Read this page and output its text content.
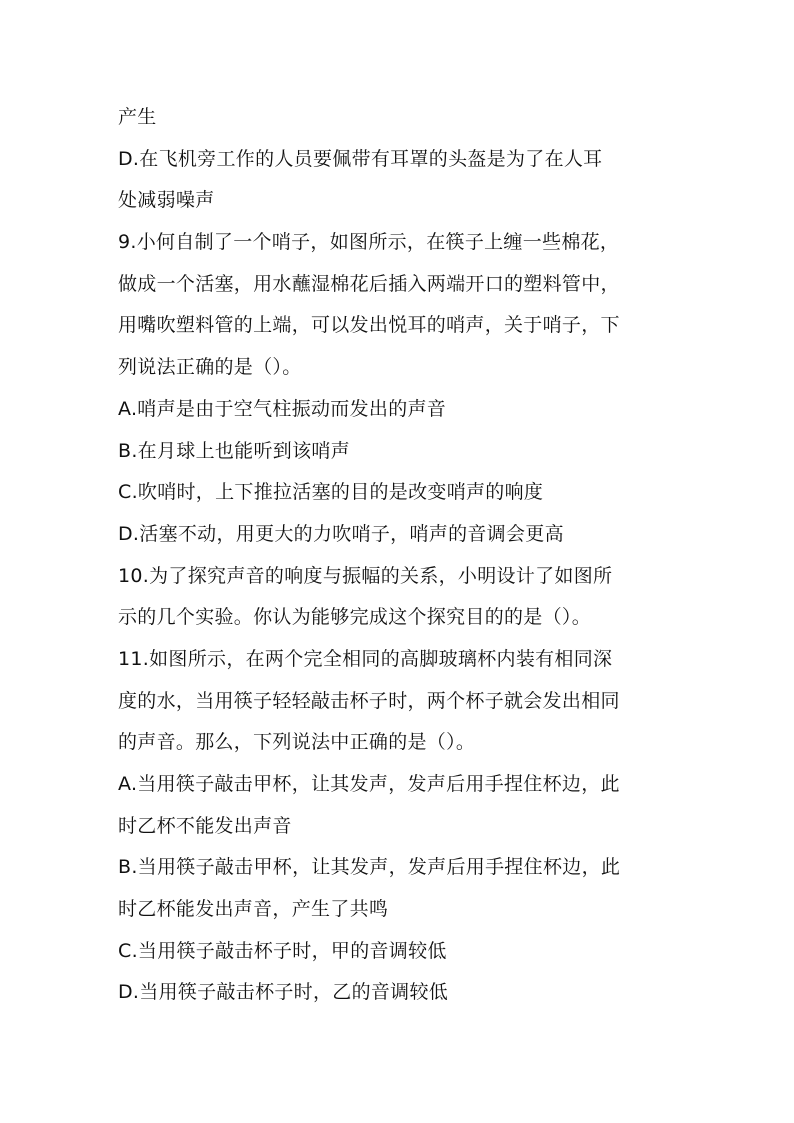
产生
D.在飞机旁工作的人员要佩带有耳罩的头盔是为了在人耳
处减弱噪声
9.小何自制了一个哨子，如图所示，在筷子上缠一些棉花，
做成一个活塞，用水蘸湿棉花后插入两端开口的塑料管中，
用嘴吹塑料管的上端，可以发出悦耳的哨声，关于哨子，下
列说法正确的是（）。
A.哨声是由于空气柱振动而发出的声音
B.在月球上也能听到该哨声
C.吹哨时，上下推拉活塞的目的是改变哨声的响度
D.活塞不动，用更大的力吹哨子，哨声的音调会更高
10.为了探究声音的响度与振幅的关系，小明设计了如图所
示的几个实验。你认为能够完成这个探究目的的是（）。
11.如图所示，在两个完全相同的高脚玻璃杯内装有相同深
度的水，当用筷子轻轻敲击杯子时，两个杯子就会发出相同
的声音。那么，下列说法中正确的是（）。
A.当用筷子敲击甲杯，让其发声，发声后用手捏住杯边，此
时乙杯不能发出声音
B.当用筷子敲击甲杯，让其发声，发声后用手捏住杯边，此
时乙杯能发出声音，产生了共鸣
C.当用筷子敲击杯子时，甲的音调较低
D.当用筷子敲击杯子时，乙的音调较低
